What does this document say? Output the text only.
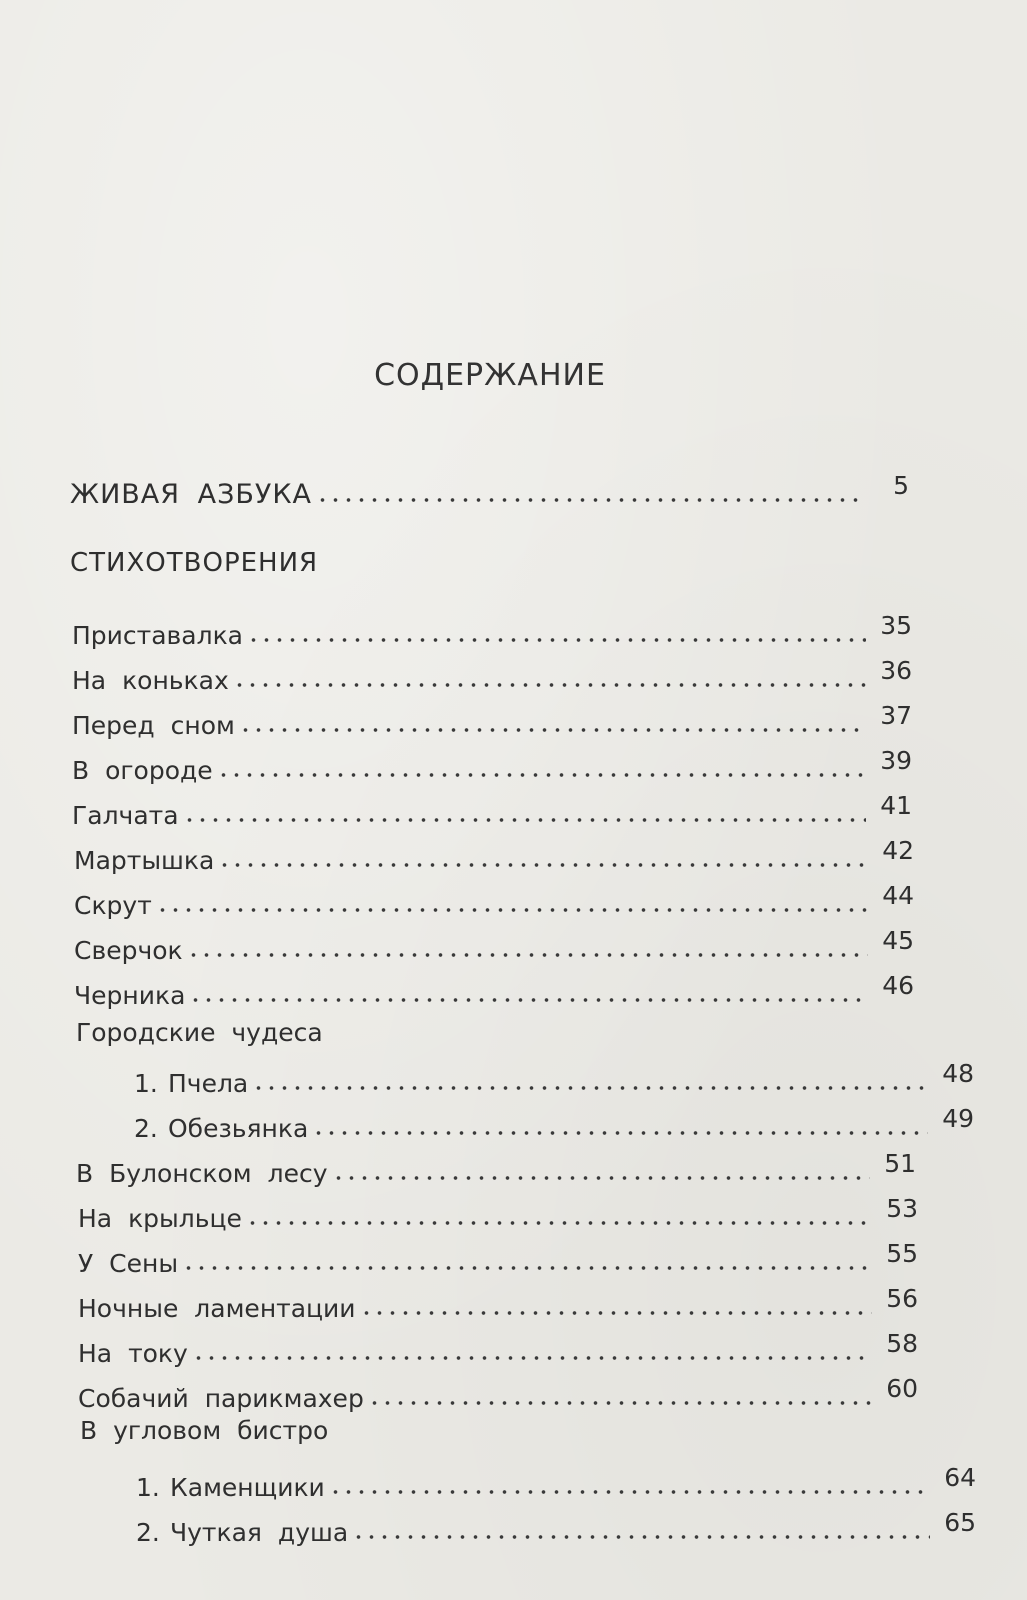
СОДЕРЖАНИЕ
ЖИВАЯ АЗБУКА	5
СТИХОТВОРЕНИЯ
Приставалка	35
На коньках	36
Перед сном	37
В огороде	39
Галчата	41
Мартышка	42
Скрут	44
Сверчок	45
Черника	46
Городские чудеса
1. Пчела	48
2. Обезьянка	49
В Булонском лесу	51
На крыльце	53
У Сены	55
Ночные ламентации	56
На току	58
Собачий парикмахер	60
В угловом бистро
1. Каменщики	64
2. Чуткая душа	65
